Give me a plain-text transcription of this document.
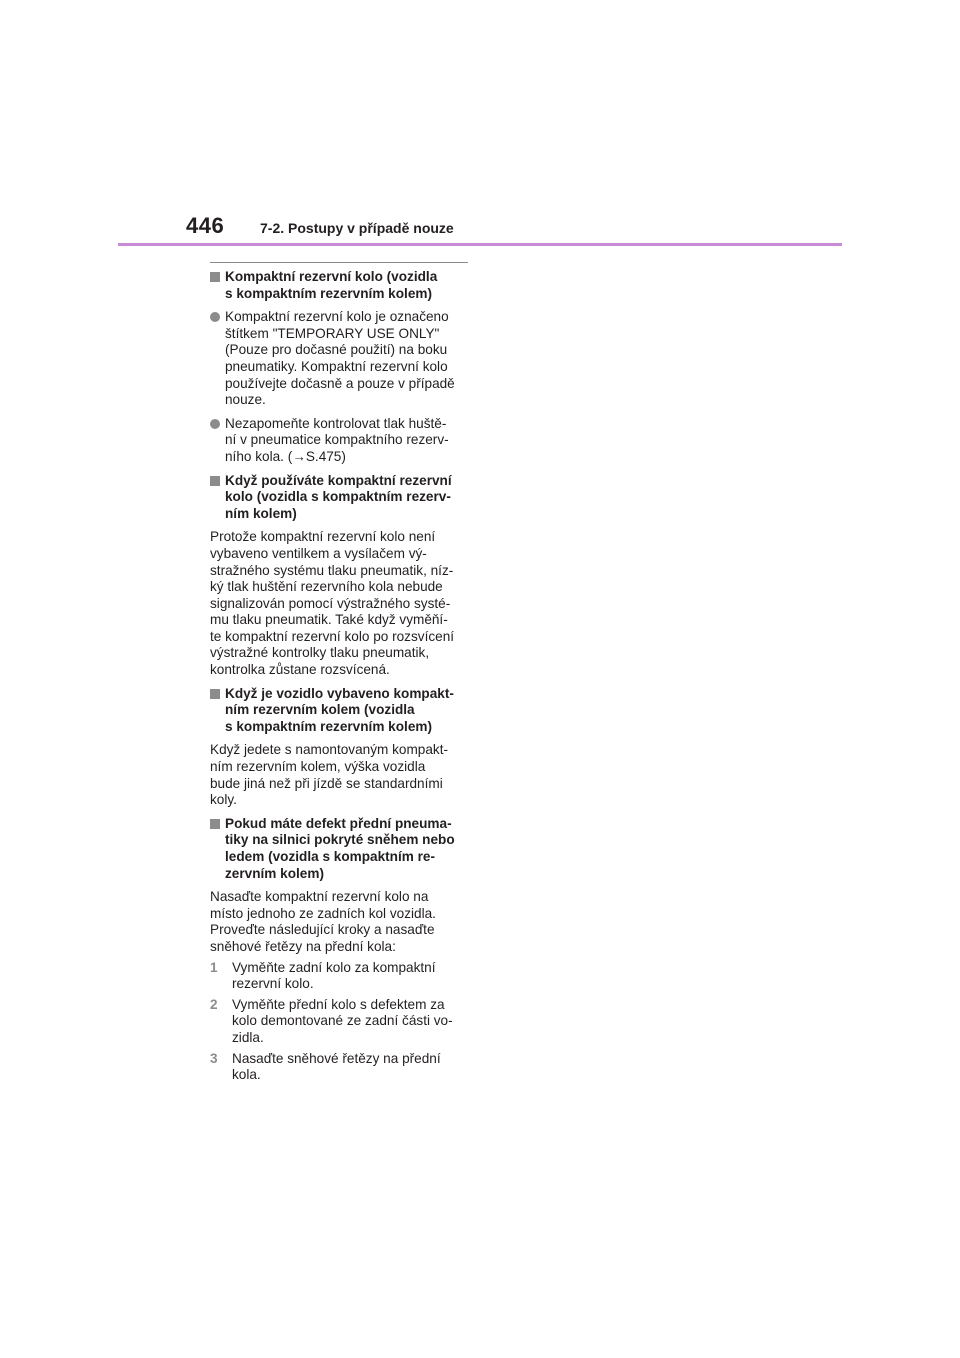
446	7-2. Postupy v případě nouze
Kompaktní rezervní kolo (vozidla
s kompaktním rezervním kolem)
Kompaktní rezervní kolo je označeno
štítkem "TEMPORARY USE ONLY"
(Pouze pro dočasné použití) na boku
pneumatiky. Kompaktní rezervní kolo
používejte dočasně a pouze v případě
nouze.
Nezapomeňte kontrolovat tlak huště-
ní v pneumatice kompaktního rezerv-
ního kola. (→S.475)
Když používáte kompaktní rezervní
kolo (vozidla s kompaktním rezerv-
ním kolem)
Protože kompaktní rezervní kolo není
vybaveno ventilkem a vysílačem vý-
stražného systému tlaku pneumatik, níz-
ký tlak huštění rezervního kola nebude
signalizován pomocí výstražného systé-
mu tlaku pneumatik. Také když vyměňí-
te kompaktní rezervní kolo po rozsvícení
výstražné kontrolky tlaku pneumatik,
kontrolka zůstane rozsvícená.
Když je vozidlo vybaveno kompakt-
ním rezervním kolem (vozidla
s kompaktním rezervním kolem)
Když jedete s namontovaným kompakt-
ním rezervním kolem, výška vozidla
bude jiná než při jízdě se standardními
koly.
Pokud máte defekt přední pneuma-
tiky na silnici pokryté sněhem nebo
ledem (vozidla s kompaktním re-
zervním kolem)
Nasaďte kompaktní rezervní kolo na
místo jednoho ze zadních kol vozidla.
Proveďte následující kroky a nasaďte
sněhové řetězy na přední kola:
1 Vyměňte zadní kolo za kompaktní
rezervní kolo.
2 Vyměňte přední kolo s defektem za
kolo demontované ze zadní části vo-
zidla.
3 Nasaďte sněhové řetězy na přední
kola.
